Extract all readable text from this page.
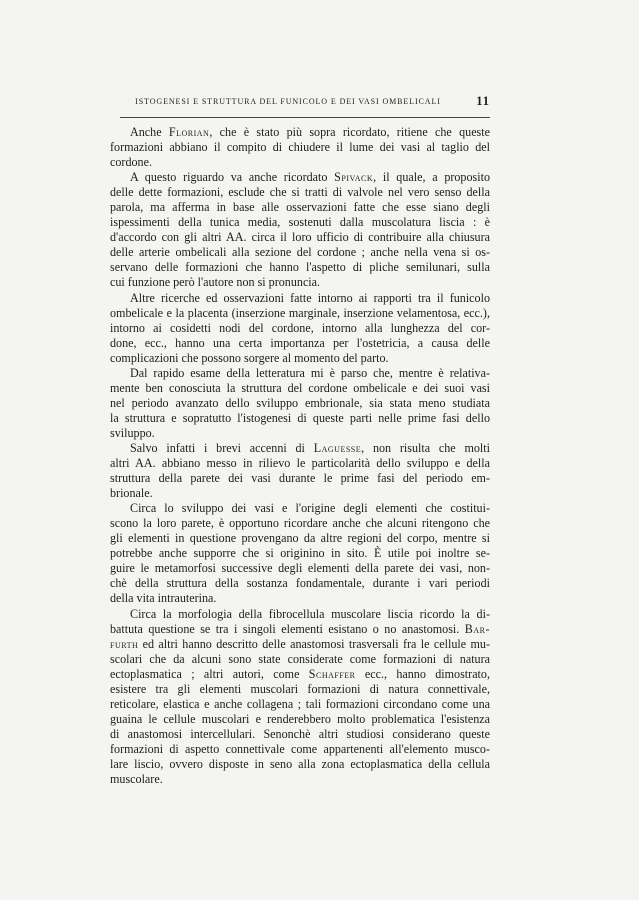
ISTOGENESI E STRUTTURA DEL FUNICOLO E DEI VASI OMBELICALI	11

Anche Florian, che è stato più sopra ricordato, ritiene che queste
formazioni abbiano il compito di chiudere il lume dei vasi al taglio del
cordone.

A questo riguardo va anche ricordato Spivack, il quale, a proposito
delle dette formazioni, esclude che si tratti di valvole nel vero senso della
parola, ma afferma in base alle osservazioni fatte che esse siano degli
ispessimenti della tunica media, sostenuti dalla muscolatura liscia : è
d'accordo con gli altri AA. circa il loro ufficio di contribuire alla chiusura
delle arterie ombelicali alla sezione del cordone ; anche nella vena si os-
servano delle formazioni che hanno l'aspetto di pliche semilunari, sulla
cui funzione però l'autore non si pronuncia.

Altre ricerche ed osservazioni fatte intorno ai rapporti tra il funicolo
ombelicale e la placenta (inserzione marginale, inserzione velamentosa, ecc.),
intorno ai cosidetti nodi del cordone, intorno alla lunghezza del cor-
done, ecc., hanno una certa importanza per l'ostetricia, a causa delle
complicazioni che possono sorgere al momento del parto.

Dal rapido esame della letteratura mi è parso che, mentre è relativa-
mente ben conosciuta la struttura del cordone ombelicale e dei suoi vasi
nel periodo avanzato dello sviluppo embrionale, sia stata meno studiata
la struttura e sopratutto l'istogenesi di queste parti nelle prime fasi dello
sviluppo.

Salvo infatti i brevi accenni di Laguesse, non risulta che molti
altri AA. abbiano messo in rilievo le particolarità dello sviluppo e della
struttura della parete dei vasi durante le prime fasi del periodo em-
brionale.

Circa lo sviluppo dei vasi e l'origine degli elementi che costitui-
scono la loro parete, è opportuno ricordare anche che alcuni ritengono che
gli elementi in questione provengano da altre regioni del corpo, mentre si
potrebbe anche supporre che si originino in sito. È utile poi inoltre se-
guire le metamorfosi successive degli elementi della parete dei vasi, non-
chè della struttura della sostanza fondamentale, durante i vari periodi
della vita intrauterina.

Circa la morfologia della fibrocellula muscolare liscia ricordo la di-
battuta questione se tra i singoli elementi esistano o no anastomosi. Bar-
furth ed altri hanno descritto delle anastomosi trasversali fra le cellule mu-
scolari che da alcuni sono state considerate come formazioni di natura
ectoplasmatica ; altri autori, come Schaffer ecc., hanno dimostrato,
esistere tra gli elementi muscolari formazioni di natura connettivale,
reticolare, elastica e anche collagena ; tali formazioni circondano come una
guaina le cellule muscolari e renderebbero molto problematica l'esistenza
di anastomosi intercellulari. Senonchè altri studiosi considerano queste
formazioni di aspetto connettivale come appartenenti all'elemento musco-
lare liscio, ovvero disposte in seno alla zona ectoplasmatica della cellula
muscolare.
